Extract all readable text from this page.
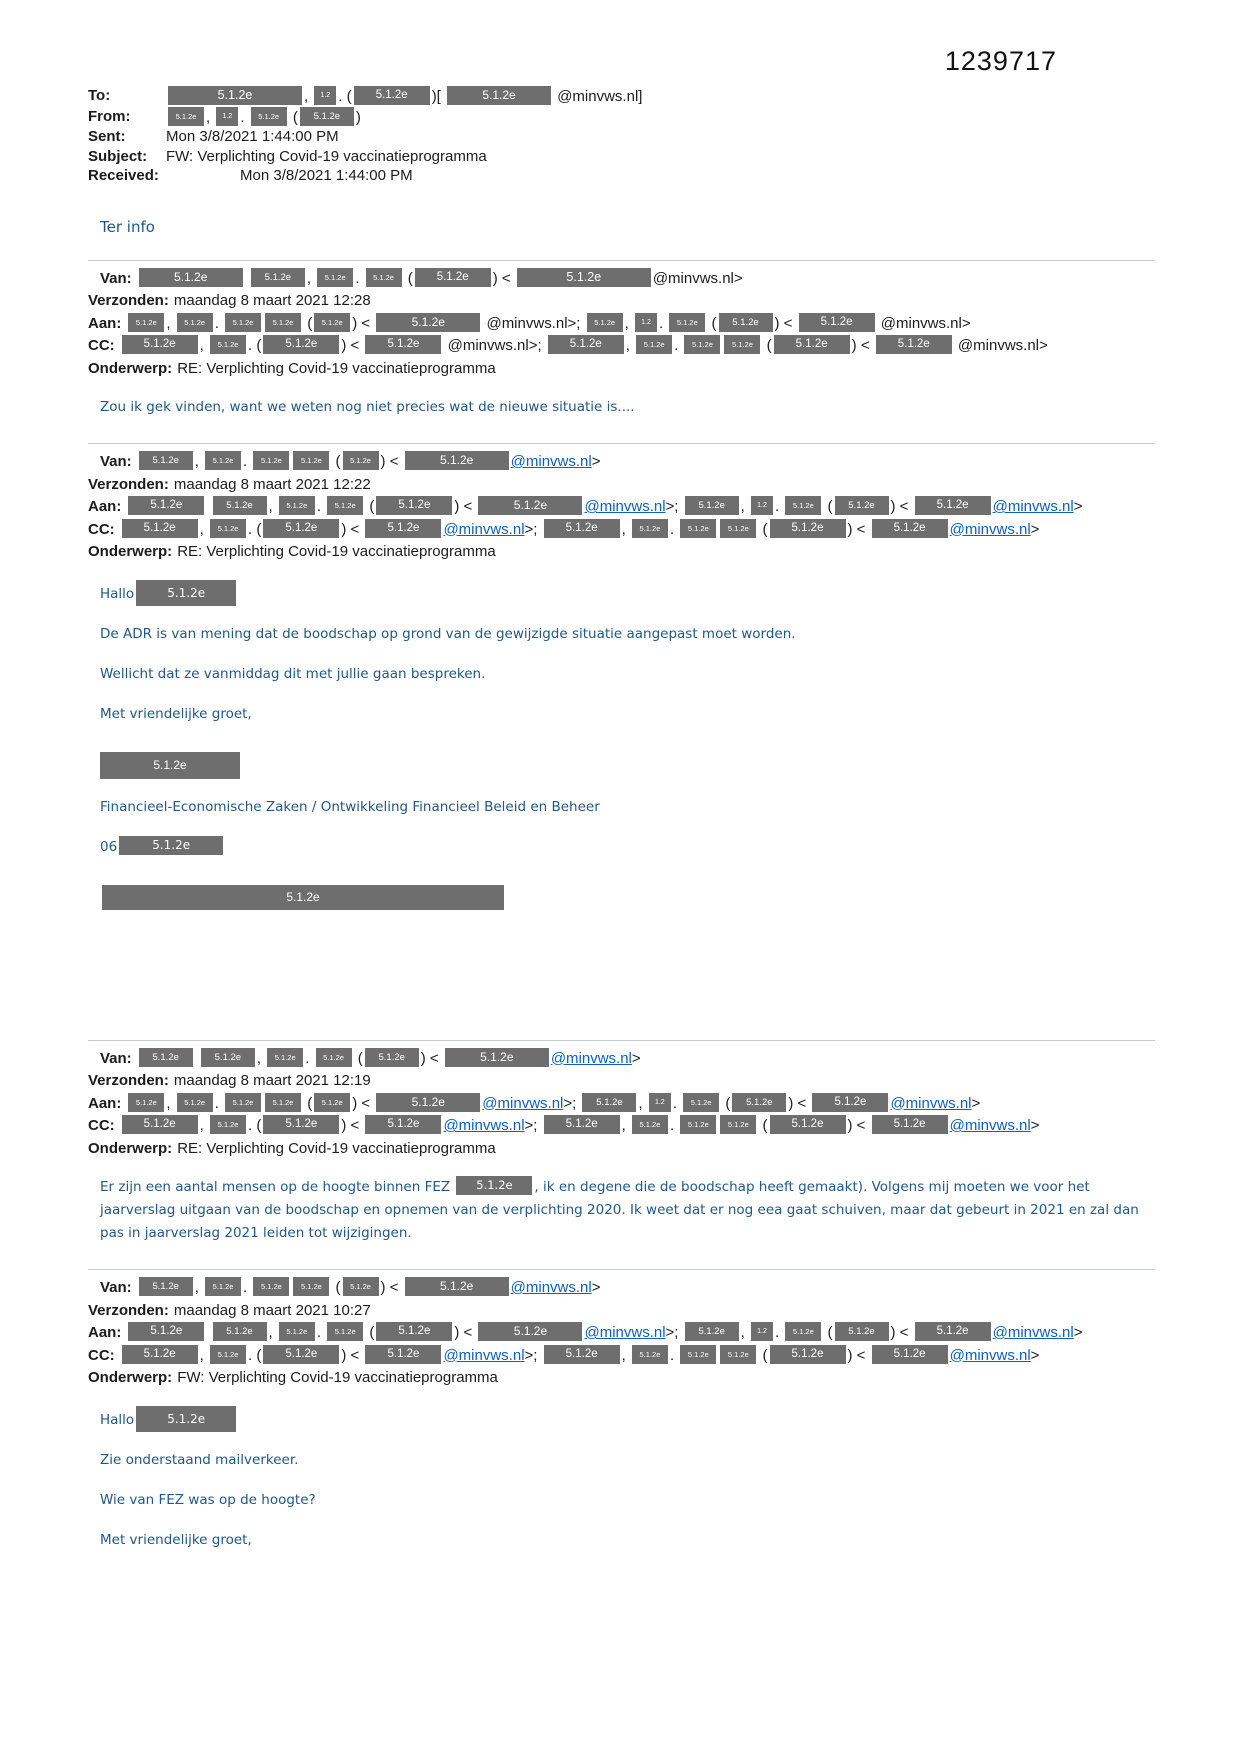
1239717
To:	5.1.2e	, 1.2 . ( 5.1.2e )[	5.1.2e @minvws.nl]
From:	5.1.2e , 1.2 . 5.1.2e ( 5.1.2e )
Sent:	Mon 3/8/2021 1:44:00 PM
Subject:	FW: Verplichting Covid-19 vaccinatieprogramma
Received:	Mon 3/8/2021 1:44:00 PM
Ter info
Van:	5.1.2e	5.1.2e , 5.1.2e . 5.1.2e ( 5.1.2e ) <	5.1.2e	@minvws.nl>
Verzonden: maandag 8 maart 2021 12:28
Aan: 5.1.2e , 5.1.2e . 5.1.2e	5.1.2e ( 5.1.2e ) <	5.1.2e @minvws.nl>; 5.1.2e , 1.2 . 5.1.2e ( 5.1.2e ) < 5.1.2e @minvws.nl>
CC:	5.1.2e , 5.1.2e . ( 5.1.2e ) < 5.1.2e @minvws.nl>; 5.1.2e , 5.1.2e . 5.1.2e	5.1.2e ( 5.1.2e ) < 5.1.2e @minvws.nl>
Onderwerp: RE: Verplichting Covid-19 vaccinatieprogramma

Zou ik gek vinden, want we weten nog niet precies wat de nieuwe situatie is....

Van: 5.1.2e , 5.1.2e . 5.1.2e	5.1.2e ( 5.1.2e ) <	5.1.2e @minvws.nl>
Verzonden: maandag 8 maart 2021 12:22
Aan:	5.1.2e	5.1.2e , 5.1.2e . 5.1.2e ( 5.1.2e ) <	5.1.2e @minvws.nl>; 5.1.2e , 1.2 . 5.1.2e ( 5.1.2e ) < 5.1.2e @minvws.nl>
CC:	5.1.2e , 5.1.2e . ( 5.1.2e ) < 5.1.2e @minvws.nl>; 5.1.2e , 5.1.2e . 5.1.2e	5.1.2e ( 5.1.2e ) < 5.1.2e @minvws.nl>
Onderwerp: RE: Verplichting Covid-19 vaccinatieprogramma

Hallo	5.1.2e

De ADR is van mening dat de boodschap op grond van de gewijzigde situatie aangepast moet worden.

Wellicht dat ze vanmiddag dit met jullie gaan bespreken.

Met vriendelijke groet,

5.1.2e

Financieel-Economische Zaken / Ontwikkeling Financieel Beleid en Beheer

06	5.1.2e

5.1.2e
Van: 5.1.2e	5.1.2e , 5.1.2e . 5.1.2e ( 5.1.2e ) <	5.1.2e @minvws.nl>
Verzonden: maandag 8 maart 2021 12:19
Aan: 5.1.2e , 5.1.2e . 5.1.2e	5.1.2e ( 5.1.2e ) <	5.1.2e @minvws.nl>; 5.1.2e , 1.2 . 5.1.2e ( 5.1.2e ) < 5.1.2e @minvws.nl>
CC:	5.1.2e , 5.1.2e . ( 5.1.2e ) < 5.1.2e @minvws.nl>; 5.1.2e , 5.1.2e . 5.1.2e	5.1.2e ( 5.1.2e ) < 5.1.2e @minvws.nl>
Onderwerp: RE: Verplichting Covid-19 vaccinatieprogramma

Er zijn een aantal mensen op de hoogte binnen FEZ 5.1.2e , ik en degene die de boodschap heeft gemaakt). Volgens mij moeten we voor het jaarverslag uitgaan van de boodschap en opnemen van de verplichting 2020. Ik weet dat er nog eea gaat schuiven, maar dat gebeurt in 2021 en zal dan pas in jaarverslag 2021 leiden tot wijzigingen.

Van: 5.1.2e , 5.1.2e . 5.1.2e	5.1.2e ( 5.1.2e ) <	5.1.2e @minvws.nl>
Verzonden: maandag 8 maart 2021 10:27
Aan:	5.1.2e	5.1.2e , 5.1.2e . 5.1.2e ( 5.1.2e ) <	5.1.2e @minvws.nl>; 5.1.2e , 1.2 . 5.1.2e ( 5.1.2e ) < 5.1.2e @minvws.nl>
CC:	5.1.2e , 5.1.2e . ( 5.1.2e ) < 5.1.2e @minvws.nl>; 5.1.2e , 5.1.2e . 5.1.2e	5.1.2e ( 5.1.2e ) < 5.1.2e @minvws.nl>
Onderwerp: FW: Verplichting Covid-19 vaccinatieprogramma

Hallo	5.1.2e

Zie onderstaand mailverkeer.

Wie van FEZ was op de hoogte?

Met vriendelijke groet,
